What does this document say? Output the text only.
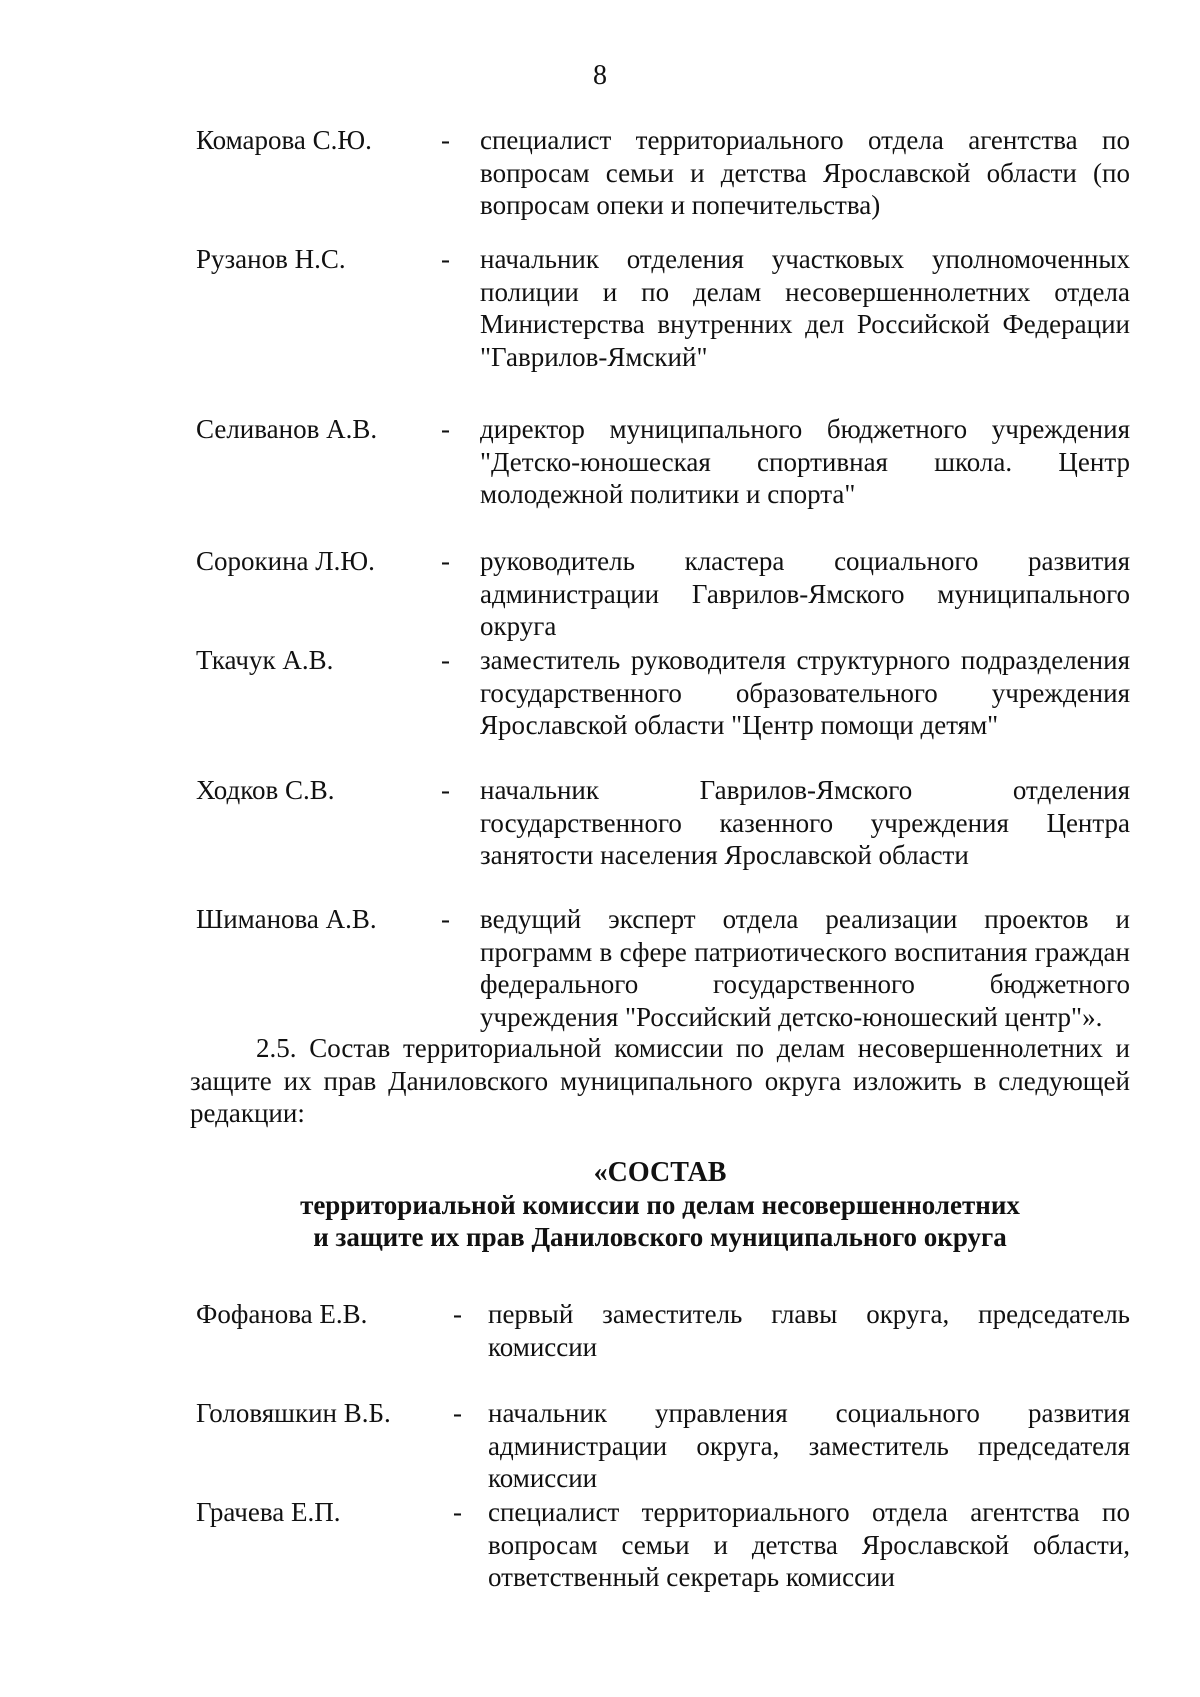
8
Комарова С.Ю.	- специалист территориального отдела агентства по вопросам семьи и детства Ярославской области (по вопросам опеки и попечительства)
Рузанов Н.С.	- начальник отделения участковых уполномоченных полиции и по делам несовершеннолетних отдела Министерства внутренних дел Российской Федерации "Гаврилов-Ямский"
Селиванов А.В. - директор муниципального бюджетного учреждения "Детско-юношеская спортивная школа. Центр молодежной политики и спорта"
Сорокина Л.Ю. - руководитель кластера социального развития администрации Гаврилов-Ямского муниципального округа
Ткачук А.В.	- заместитель руководителя структурного подразделения государственного образовательного учреждения Ярославской области "Центр помощи детям"
Ходков С.В.	- начальник Гаврилов-Ямского отделения государственного казенного учреждения Центра занятости населения Ярославской области
Шиманова А.В. - ведущий эксперт отдела реализации проектов и программ в сфере патриотического воспитания граждан федерального государственного бюджетного учреждения "Российский детско-юношеский центр"».
2.5. Состав территориальной комиссии по делам несовершеннолетних и защите их прав Даниловского муниципального округа изложить в следующей редакции:
«СОСТАВ
территориальной комиссии по делам несовершеннолетних
и защите их прав Даниловского муниципального округа
Фофанова Е.В.	- первый заместитель главы округа, председатель комиссии
Головяшкин В.Б. - начальник управления социального развития администрации округа, заместитель председателя комиссии
Грачева Е.П.	- специалист территориального отдела агентства по вопросам семьи и детства Ярославской области, ответственный секретарь комиссии
